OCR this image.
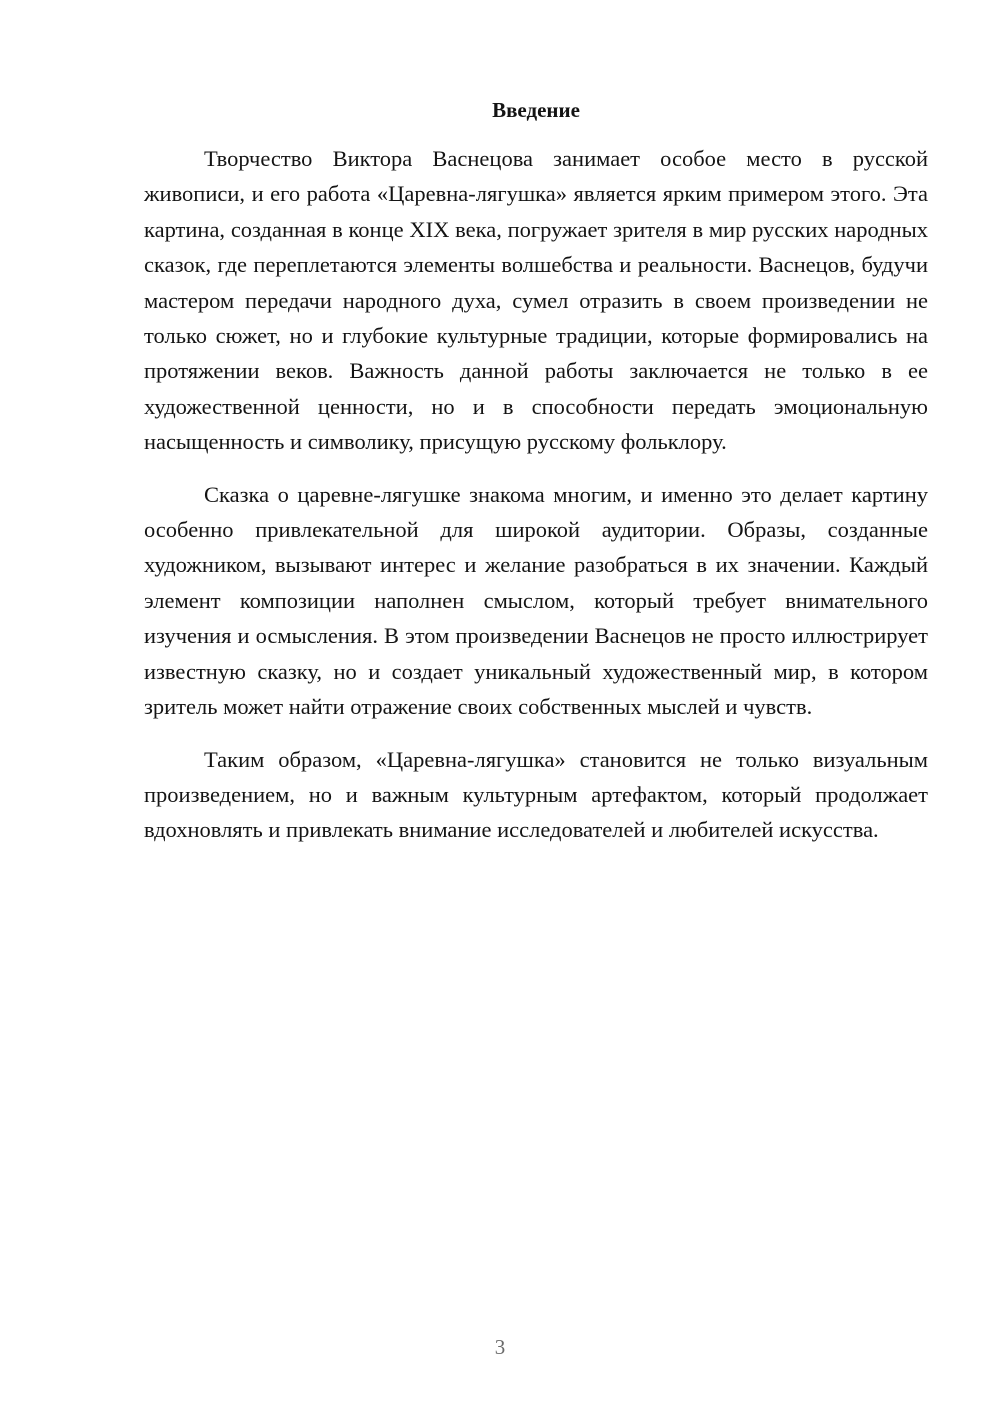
Введение

Творчество Виктора Васнецова занимает особое место в русской живописи, и его работа «Царевна-лягушка» является ярким примером этого. Эта картина, созданная в конце XIX века, погружает зрителя в мир русских народных сказок, где переплетаются элементы волшебства и реальности. Васнецов, будучи мастером передачи народного духа, сумел отразить в своем произведении не только сюжет, но и глубокие культурные традиции, которые формировались на протяжении веков. Важность данной работы заключается не только в ее художественной ценности, но и в способности передать эмоциональную насыщенность и символику, присущую русскому фольклору.

Сказка о царевне-лягушке знакома многим, и именно это делает картину особенно привлекательной для широкой аудитории. Образы, созданные художником, вызывают интерес и желание разобраться в их значении. Каждый элемент композиции наполнен смыслом, который требует внимательного изучения и осмысления. В этом произведении Васнецов не просто иллюстрирует известную сказку, но и создает уникальный художественный мир, в котором зритель может найти отражение своих собственных мыслей и чувств.

Таким образом, «Царевна-лягушка» становится не только визуальным произведением, но и важным культурным артефактом, который продолжает вдохновлять и привлекать внимание исследователей и любителей искусства.

3
